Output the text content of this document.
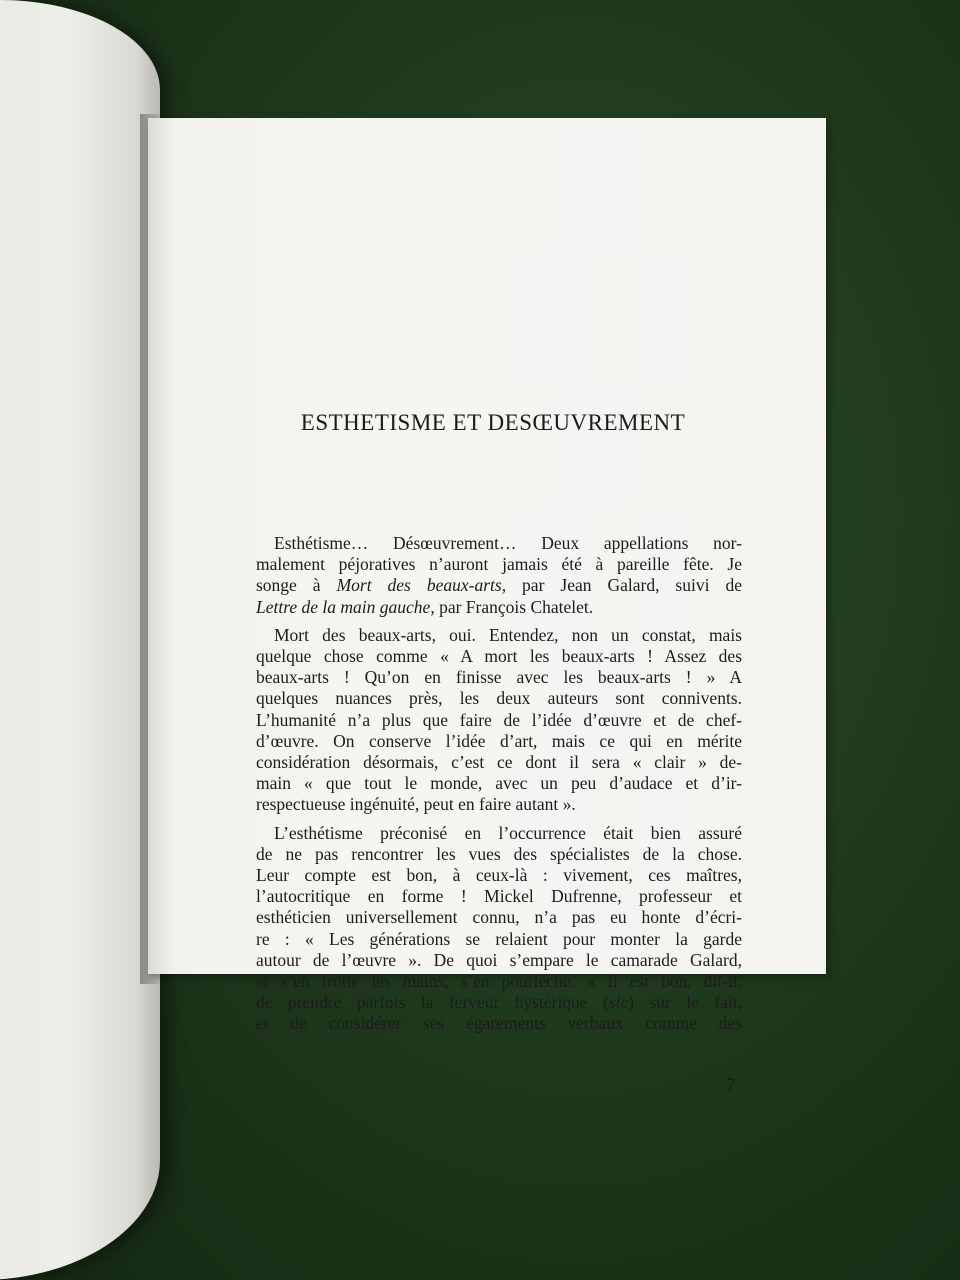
ESTHETISME ET DESŒUVREMENT

Esthétisme… Désœuvrement… Deux appellations nor-
malement péjoratives n’auront jamais été à pareille fête. Je
songe à Mort des beaux-arts, par Jean Galard, suivi de
Lettre de la main gauche, par François Chatelet.

Mort des beaux-arts, oui. Entendez, non un constat, mais
quelque chose comme « A mort les beaux-arts ! Assez des
beaux-arts ! Qu’on en finisse avec les beaux-arts ! » A
quelques nuances près, les deux auteurs sont connivents.
L’humanité n’a plus que faire de l’idée d’œuvre et de chef-
d’œuvre. On conserve l’idée d’art, mais ce qui en mérite
considération désormais, c’est ce dont il sera « clair » de-
main « que tout le monde, avec un peu d’audace et d’ir-
respectueuse ingénuité, peut en faire autant ».

L’esthétisme préconisé en l’occurrence était bien assuré
de ne pas rencontrer les vues des spécialistes de la chose.
Leur compte est bon, à ceux-là : vivement, ces maîtres,
l’autocritique en forme ! Mickel Dufrenne, professeur et
esthéticien universellement connu, n’a pas eu honte d’écri-
re : « Les générations se relaient pour monter la garde
autour de l’œuvre ». De quoi s’empare le camarade Galard,
et s’en frotte les mains, s’en pourlèche. « Il est bon, dit-il,
de prendre parfois la ferveur hystérique (sic) sur le fait,
et de considérer ses égarements verbaux comme des

/	7
